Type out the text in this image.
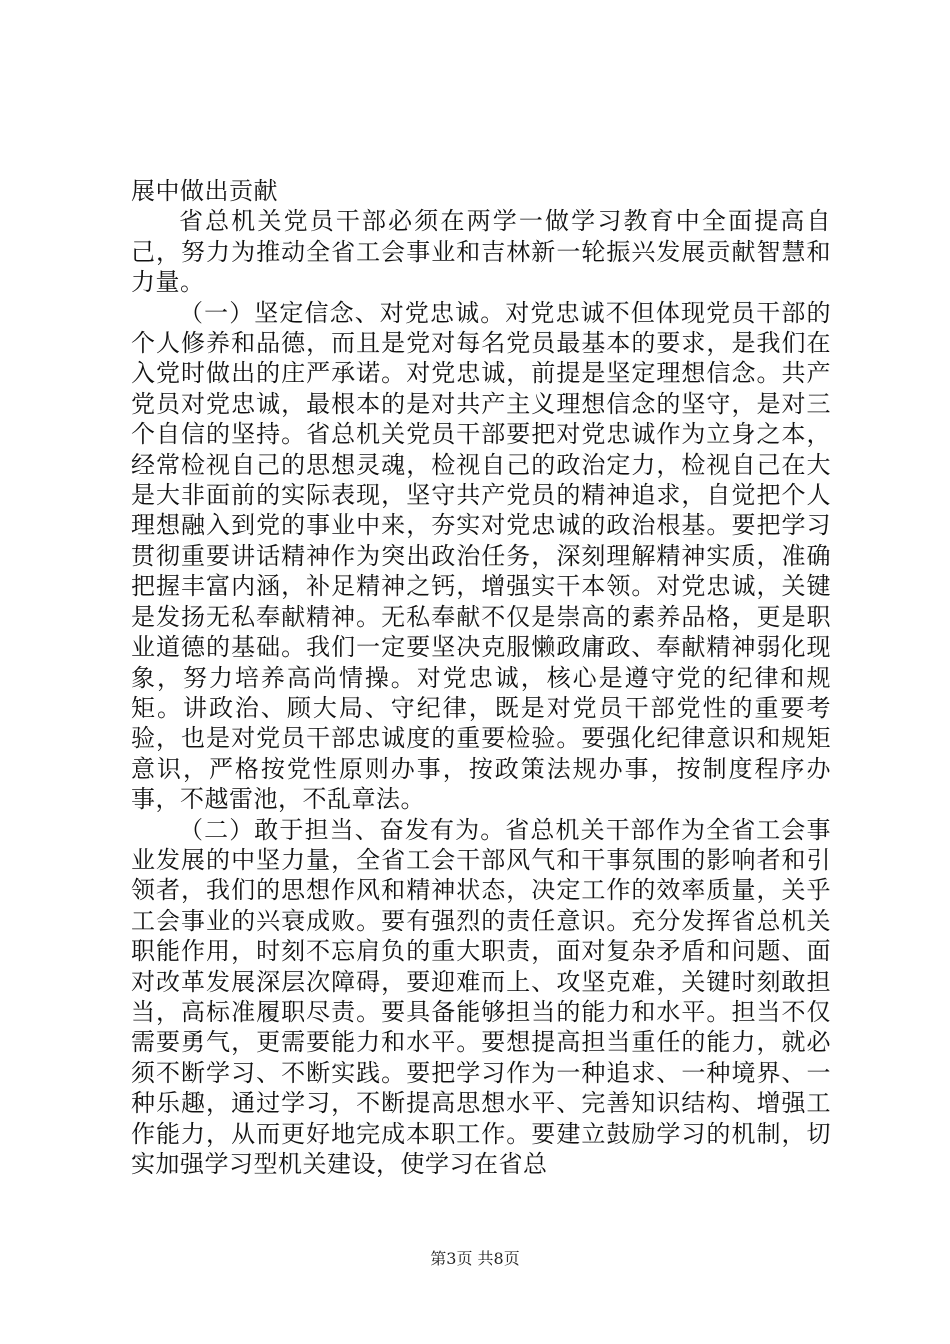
展中做出贡献

省总机关党员干部必须在两学一做学习教育中全面提高自己，努力为推动全省工会事业和吉林新一轮振兴发展贡献智慧和力量。

（一）坚定信念、对党忠诚。对党忠诚不但体现党员干部的个人修养和品德，而且是党对每名党员最基本的要求，是我们在入党时做出的庄严承诺。对党忠诚，前提是坚定理想信念。共产党员对党忠诚，最根本的是对共产主义理想信念的坚守，是对三个自信的坚持。省总机关党员干部要把对党忠诚作为立身之本，经常检视自己的思想灵魂，检视自己的政治定力，检视自己在大是大非面前的实际表现，坚守共产党员的精神追求，自觉把个人理想融入到党的事业中来，夯实对党忠诚的政治根基。要把学习贯彻重要讲话精神作为突出政治任务，深刻理解精神实质，准确把握丰富内涵，补足精神之钙，增强实干本领。对党忠诚，关键是发扬无私奉献精神。无私奉献不仅是崇高的素养品格，更是职业道德的基础。我们一定要坚决克服懒政庸政、奉献精神弱化现象，努力培养高尚情操。对党忠诚，核心是遵守党的纪律和规矩。讲政治、顾大局、守纪律，既是对党员干部党性的重要考验，也是对党员干部忠诚度的重要检验。要强化纪律意识和规矩意识，严格按党性原则办事，按政策法规办事，按制度程序办事，不越雷池，不乱章法。

（二）敢于担当、奋发有为。省总机关干部作为全省工会事业发展的中坚力量，全省工会干部风气和干事氛围的影响者和引领者，我们的思想作风和精神状态，决定工作的效率质量，关乎工会事业的兴衰成败。要有强烈的责任意识。充分发挥省总机关职能作用，时刻不忘肩负的重大职责，面对复杂矛盾和问题、面对改革发展深层次障碍，要迎难而上、攻坚克难，关键时刻敢担当，高标准履职尽责。要具备能够担当的能力和水平。担当不仅需要勇气，更需要能力和水平。要想提高担当重任的能力，就必须不断学习、不断实践。要把学习作为一种追求、一种境界、一种乐趣，通过学习，不断提高思想水平、完善知识结构、增强工作能力，从而更好地完成本职工作。要建立鼓励学习的机制，切实加强学习型机关建设，使学习在省总

第3页 共8页
